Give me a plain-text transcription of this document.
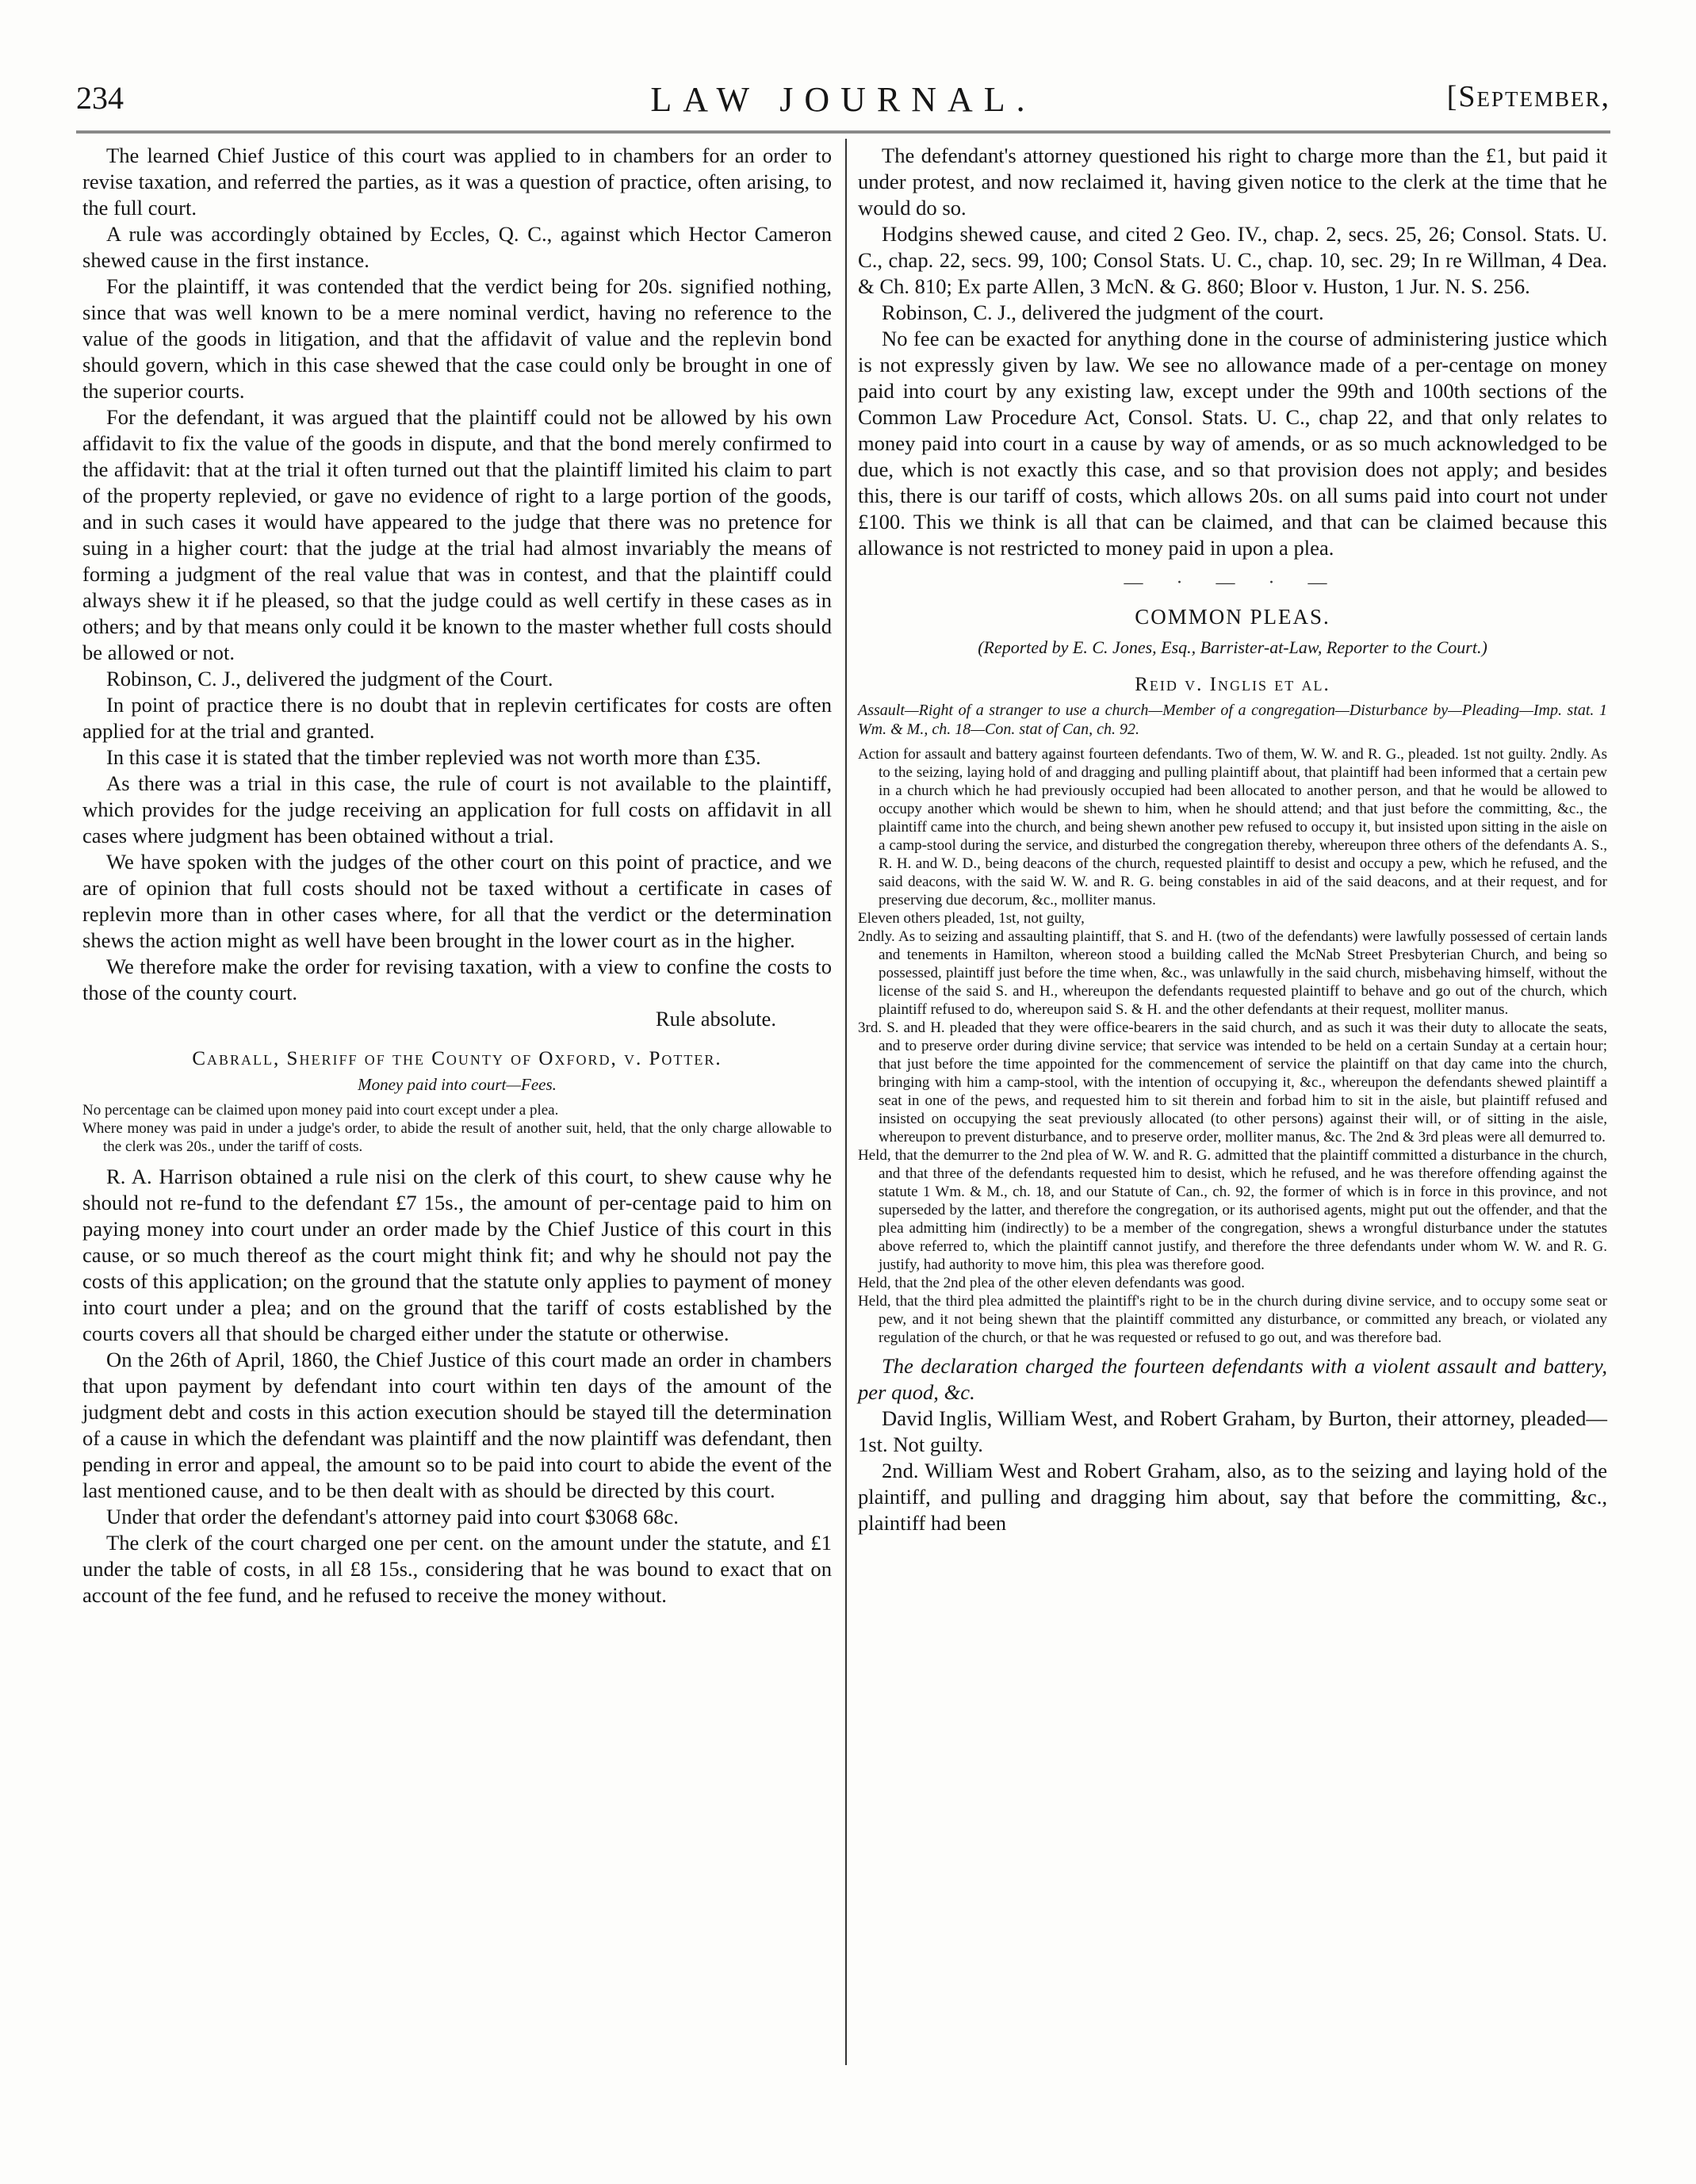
234	LAW JOURNAL.	[September,

The learned Chief Justice of this court was applied to in chambers for an order to revise taxation, and referred the parties, as it was a question of practice, often arising, to the full court.

A rule was accordingly obtained by Eccles, Q. C., against which Hector Cameron shewed cause in the first instance.

For the plaintiff, it was contended that the verdict being for 20s. signified nothing, since that was well known to be a mere nominal verdict, having no reference to the value of the goods in litigation, and that the affidavit of value and the replevin bond should govern, which in this case shewed that the case could only be brought in one of the superior courts.

For the defendant, it was argued that the plaintiff could not be allowed by his own affidavit to fix the value of the goods in dispute, and that the bond merely confirmed to the affidavit: that at the trial it often turned out that the plaintiff limited his claim to part of the property replevied, or gave no evidence of right to a large portion of the goods, and in such cases it would have appeared to the judge that there was no pretence for suing in a higher court: that the judge at the trial had almost invariably the means of forming a judgment of the real value that was in contest, and that the plaintiff could always shew it if he pleased, so that the judge could as well certify in these cases as in others; and by that means only could it be known to the master whether full costs should be allowed or not.

Robinson, C. J., delivered the judgment of the Court.

In point of practice there is no doubt that in replevin certificates for costs are often applied for at the trial and granted.

In this case it is stated that the timber replevied was not worth more than £35.

As there was a trial in this case, the rule of court is not available to the plaintiff, which provides for the judge receiving an application for full costs on affidavit in all cases where judgment has been obtained without a trial.

We have spoken with the judges of the other court on this point of practice, and we are of opinion that full costs should not be taxed without a certificate in cases of replevin more than in other cases where, for all that the verdict or the determination shews the action might as well have been brought in the lower court as in the higher.

We therefore make the order for revising taxation, with a view to confine the costs to those of the county court.

Rule absolute.

Cabrall, Sheriff of the County of Oxford, v. Potter.
Money paid into court—Fees.

No percentage can be claimed upon money paid into court except under a plea.

Where money was paid in under a judge's order, to abide the result of another suit, held, that the only charge allowable to the clerk was 20s., under the tariff of costs.

R. A. Harrison obtained a rule nisi on the clerk of this court, to shew cause why he should not re-fund to the defendant £7 15s., the amount of per-centage paid to him on paying money into court under an order made by the Chief Justice of this court in this cause, or so much thereof as the court might think fit; and why he should not pay the costs of this application; on the ground that the statute only applies to payment of money into court under a plea; and on the ground that the tariff of costs established by the courts covers all that should be charged either under the statute or otherwise.

On the 26th of April, 1860, the Chief Justice of this court made an order in chambers that upon payment by defendant into court within ten days of the amount of the judgment debt and costs in this action execution should be stayed till the determination of a cause in which the defendant was plaintiff and the now plaintiff was defendant, then pending in error and appeal, the amount so to be paid into court to abide the event of the last mentioned cause, and to be then dealt with as should be directed by this court.

Under that order the defendant's attorney paid into court $3068 68c.

The clerk of the court charged one per cent. on the amount under the statute, and £1 under the table of costs, in all £8 15s., considering that he was bound to exact that on account of the fee fund, and he refused to receive the money without.

The defendant's attorney questioned his right to charge more than the £1, but paid it under protest, and now reclaimed it, having given notice to the clerk at the time that he would do so.

Hodgins shewed cause, and cited 2 Geo. IV., chap. 2, secs. 25, 26; Consol. Stats. U. C., chap. 22, secs. 99, 100; Consol Stats. U. C., chap. 10, sec. 29; In re Willman, 4 Dea. & Ch. 810; Ex parte Allen, 3 McN. & G. 860; Bloor v. Huston, 1 Jur. N. S. 256.

Robinson, C. J., delivered the judgment of the court.

No fee can be exacted for anything done in the course of administering justice which is not expressly given by law. We see no allowance made of a per-centage on money paid into court by any existing law, except under the 99th and 100th sections of the Common Law Procedure Act, Consol. Stats. U. C., chap 22, and that only relates to money paid into court in a cause by way of amends, or as so much acknowledged to be due, which is not exactly this case, and so that provision does not apply; and besides this, there is our tariff of costs, which allows 20s. on all sums paid into court not under £100. This we think is all that can be claimed, and that can be claimed because this allowance is not restricted to money paid in upon a plea.

— · — · —
COMMON PLEAS.
(Reported by E. C. Jones, Esq., Barrister-at-Law, Reporter to the Court.)
Reid v. Inglis et al.

Assault—Right of a stranger to use a church—Member of a congregation—Disturbance by—Pleading—Imp. stat. 1 Wm. & M., ch. 18—Con. stat of Can, ch. 92.

Action for assault and battery against fourteen defendants. Two of them, W. W. and R. G., pleaded. 1st not guilty. 2ndly. As to the seizing, laying hold of and dragging and pulling plaintiff about, that plaintiff had been informed that a certain pew in a church which he had previously occupied had been allocated to another person, and that he would be allowed to occupy another which would be shewn to him, when he should attend; and that just before the committing, &c., the plaintiff came into the church, and being shewn another pew refused to occupy it, but insisted upon sitting in the aisle on a camp-stool during the service, and disturbed the congregation thereby, whereupon three others of the defendants A. S., R. H. and W. D., being deacons of the church, requested plaintiff to desist and occupy a pew, which he refused, and the said deacons, with the said W. W. and R. G. being constables in aid of the said deacons, and at their request, and for preserving due decorum, &c., molliter manus.

Eleven others pleaded, 1st, not guilty,

2ndly. As to seizing and assaulting plaintiff, that S. and H. (two of the defendants) were lawfully possessed of certain lands and tenements in Hamilton, whereon stood a building called the McNab Street Presbyterian Church, and being so possessed, plaintiff just before the time when, &c., was unlawfully in the said church, misbehaving himself, without the license of the said S. and H., whereupon the defendants requested plaintiff to behave and go out of the church, which plaintiff refused to do, whereupon said S. & H. and the other defendants at their request, molliter manus.

3rd. S. and H. pleaded that they were office-bearers in the said church, and as such it was their duty to allocate the seats, and to preserve order during divine service; that service was intended to be held on a certain Sunday at a certain hour; that just before the time appointed for the commencement of service the plaintiff on that day came into the church, bringing with him a camp-stool, with the intention of occupying it, &c., whereupon the defendants shewed plaintiff a seat in one of the pews, and requested him to sit therein and forbad him to sit in the aisle, but plaintiff refused and insisted on occupying the seat previously allocated (to other persons) against their will, or of sitting in the aisle, whereupon to prevent disturbance, and to preserve order, molliter manus, &c. The 2nd & 3rd pleas were all demurred to.

Held, that the demurrer to the 2nd plea of W. W. and R. G. admitted that the plaintiff committed a disturbance in the church, and that three of the defendants requested him to desist, which he refused, and he was therefore offending against the statute 1 Wm. & M., ch. 18, and our Statute of Can., ch. 92, the former of which is in force in this province, and not superseded by the latter, and therefore the congregation, or its authorised agents, might put out the offender, and that the plea admitting him (indirectly) to be a member of the congregation, shews a wrongful disturbance under the statutes above referred to, which the plaintiff cannot justify, and therefore the three defendants under whom W. W. and R. G. justify, had authority to move him, this plea was therefore good.

Held, that the 2nd plea of the other eleven defendants was good.

Held, that the third plea admitted the plaintiff's right to be in the church during divine service, and to occupy some seat or pew, and it not being shewn that the plaintiff committed any disturbance, or committed any breach, or violated any regulation of the church, or that he was requested or refused to go out, and was therefore bad.

The declaration charged the fourteen defendants with a violent assault and battery, per quod, &c.

David Inglis, William West, and Robert Graham, by Burton, their attorney, pleaded—1st. Not guilty.

2nd. William West and Robert Graham, also, as to the seizing and laying hold of the plaintiff, and pulling and dragging him about, say that before the committing, &c., plaintiff had been
